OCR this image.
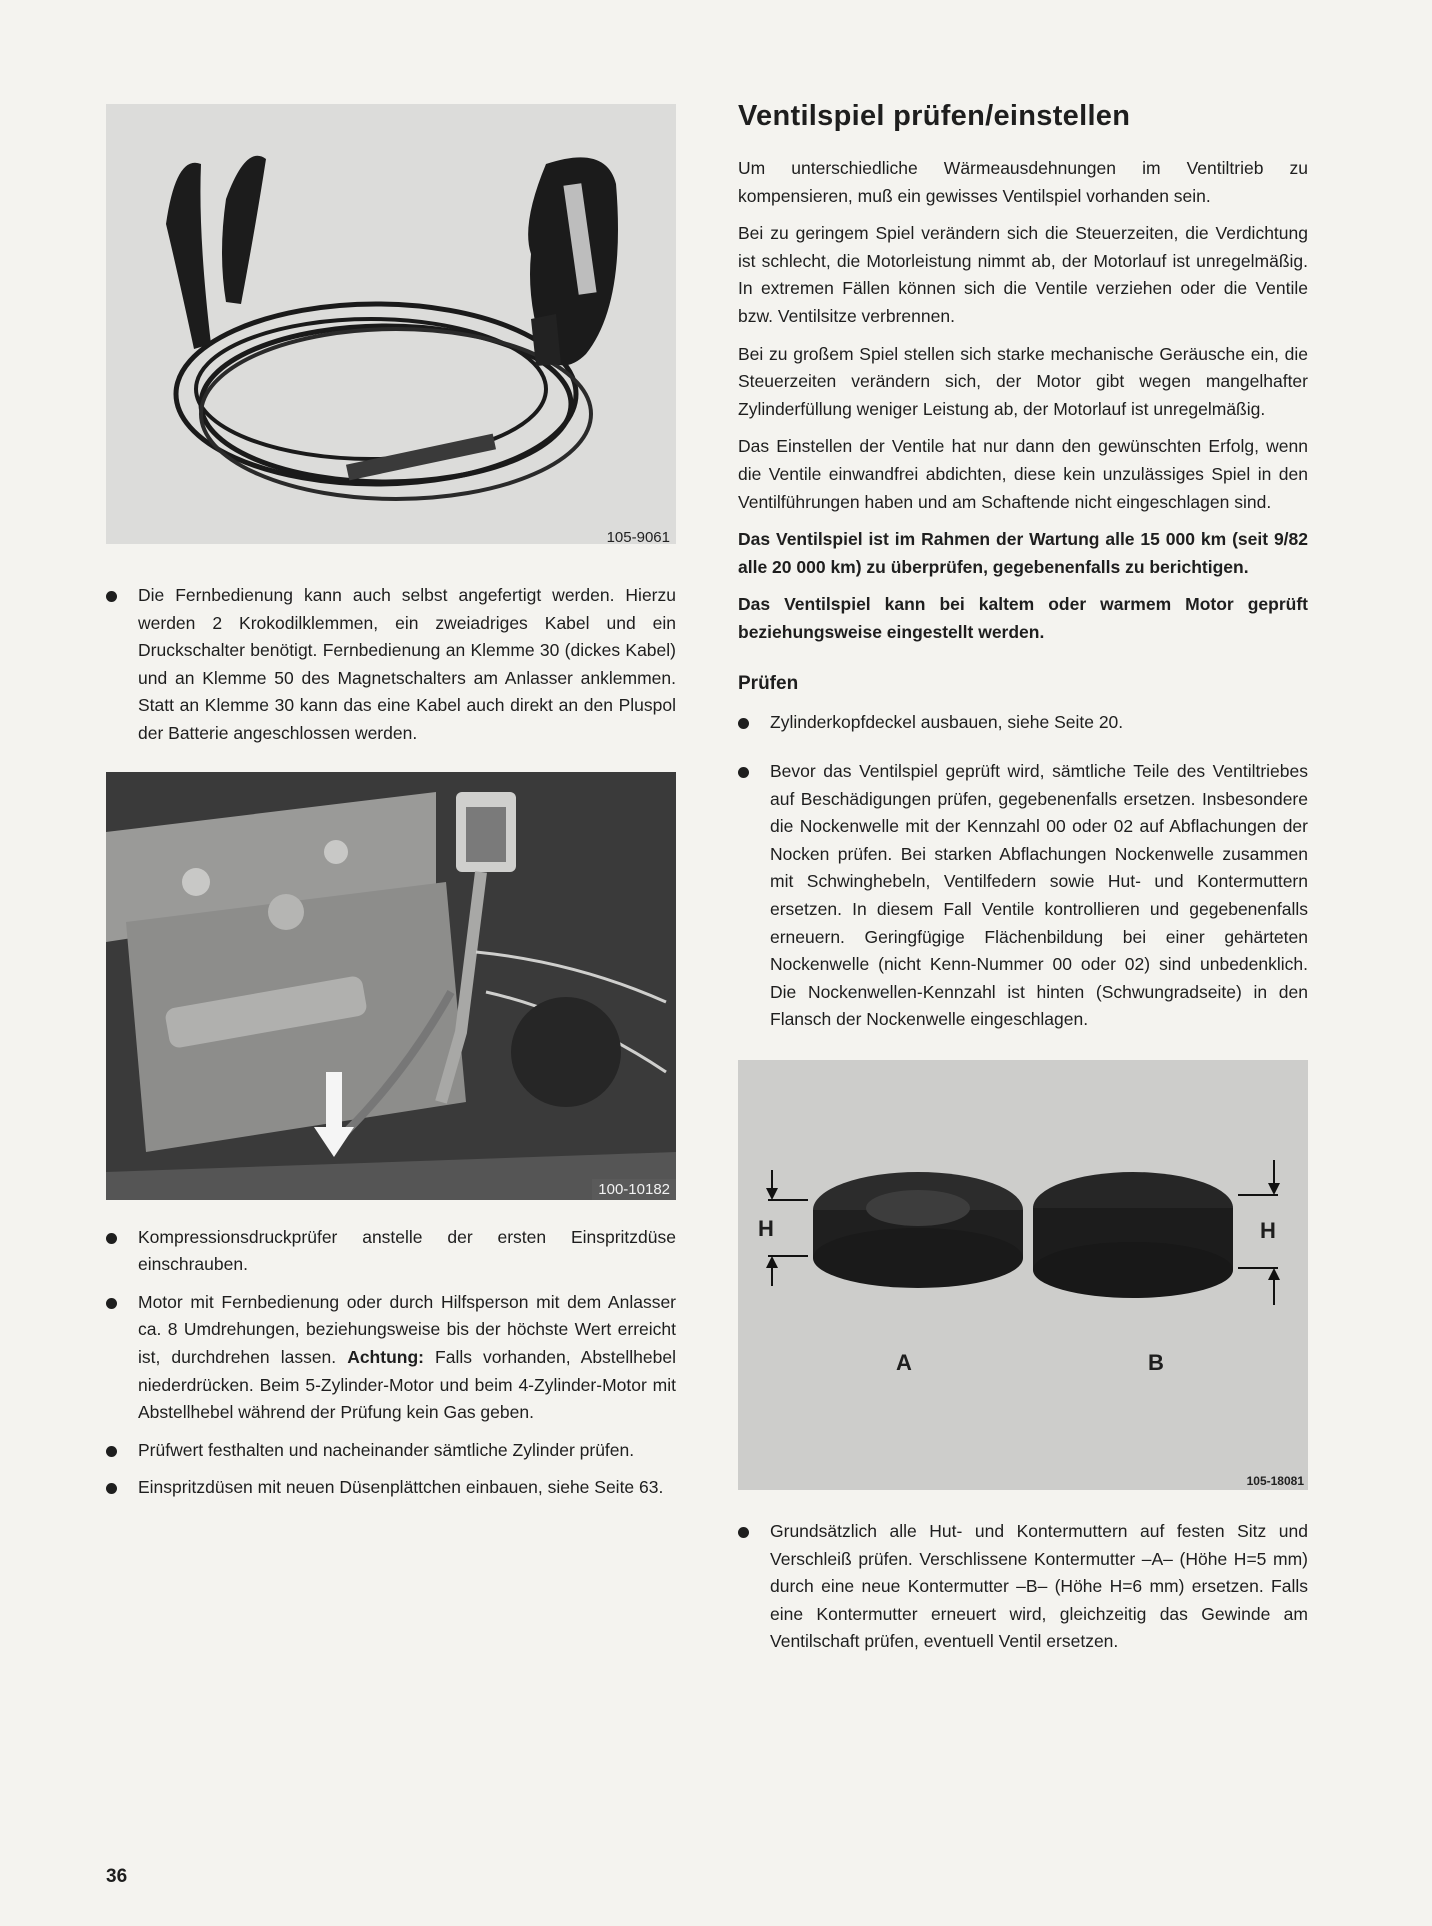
105-9061
Die Fernbedienung kann auch selbst angefertigt werden. Hierzu werden 2 Krokodilklemmen, ein zweiadriges Kabel und ein Druckschalter benötigt. Fernbedienung an Klemme 30 (dickes Kabel) und an Klemme 50 des Magnetschalters am Anlasser anklemmen. Statt an Klemme 30 kann das eine Kabel auch direkt an den Pluspol der Batterie angeschlossen werden.
100-10182
Kompressionsdruckprüfer anstelle der ersten Einspritzdüse einschrauben.
Motor mit Fernbedienung oder durch Hilfsperson mit dem Anlasser ca. 8 Umdrehungen, beziehungsweise bis der höchste Wert erreicht ist, durchdrehen lassen. Achtung: Falls vorhanden, Abstellhebel niederdrücken. Beim 5-Zylinder-Motor und beim 4-Zylinder-Motor mit Abstellhebel während der Prüfung kein Gas geben.
Prüfwert festhalten und nacheinander sämtliche Zylinder prüfen.
Einspritzdüsen mit neuen Düsenplättchen einbauen, siehe Seite 63.
Ventilspiel prüfen/einstellen

Um unterschiedliche Wärmeausdehnungen im Ventiltrieb zu kompensieren, muß ein gewisses Ventilspiel vorhanden sein.

Bei zu geringem Spiel verändern sich die Steuerzeiten, die Verdichtung ist schlecht, die Motorleistung nimmt ab, der Motorlauf ist unregelmäßig. In extremen Fällen können sich die Ventile verziehen oder die Ventile bzw. Ventilsitze verbrennen.

Bei zu großem Spiel stellen sich starke mechanische Geräusche ein, die Steuerzeiten verändern sich, der Motor gibt wegen mangelhafter Zylinderfüllung weniger Leistung ab, der Motorlauf ist unregelmäßig.

Das Einstellen der Ventile hat nur dann den gewünschten Erfolg, wenn die Ventile einwandfrei abdichten, diese kein unzulässiges Spiel in den Ventilführungen haben und am Schaftende nicht eingeschlagen sind.

Das Ventilspiel ist im Rahmen der Wartung alle 15 000 km (seit 9/82 alle 20 000 km) zu überprüfen, gegebenenfalls zu berichtigen.

Das Ventilspiel kann bei kaltem oder warmem Motor geprüft beziehungsweise eingestellt werden.

Prüfen
Zylinderkopfdeckel ausbauen, siehe Seite 20.
Bevor das Ventilspiel geprüft wird, sämtliche Teile des Ventiltriebes auf Beschädigungen prüfen, gegebenenfalls ersetzen. Insbesondere die Nockenwelle mit der Kennzahl 00 oder 02 auf Abflachungen der Nocken prüfen. Bei starken Abflachungen Nockenwelle zusammen mit Schwinghebeln, Ventilfedern sowie Hut- und Kontermuttern ersetzen. In diesem Fall Ventile kontrollieren und gegebenenfalls erneuern. Geringfügige Flächenbildung bei einer gehärteten Nockenwelle (nicht Kenn-Nummer 00 oder 02) sind unbedenklich. Die Nockenwellen-Kennzahl ist hinten (Schwungradseite) in den Flansch der Nockenwelle eingeschlagen.
H	H
A	B
105-18081
Grundsätzlich alle Hut- und Kontermuttern auf festen Sitz und Verschleiß prüfen. Verschlissene Kontermutter –A– (Höhe H=5 mm) durch eine neue Kontermutter –B– (Höhe H=6 mm) ersetzen. Falls eine Kontermutter erneuert wird, gleichzeitig das Gewinde am Ventilschaft prüfen, eventuell Ventil ersetzen.
36
